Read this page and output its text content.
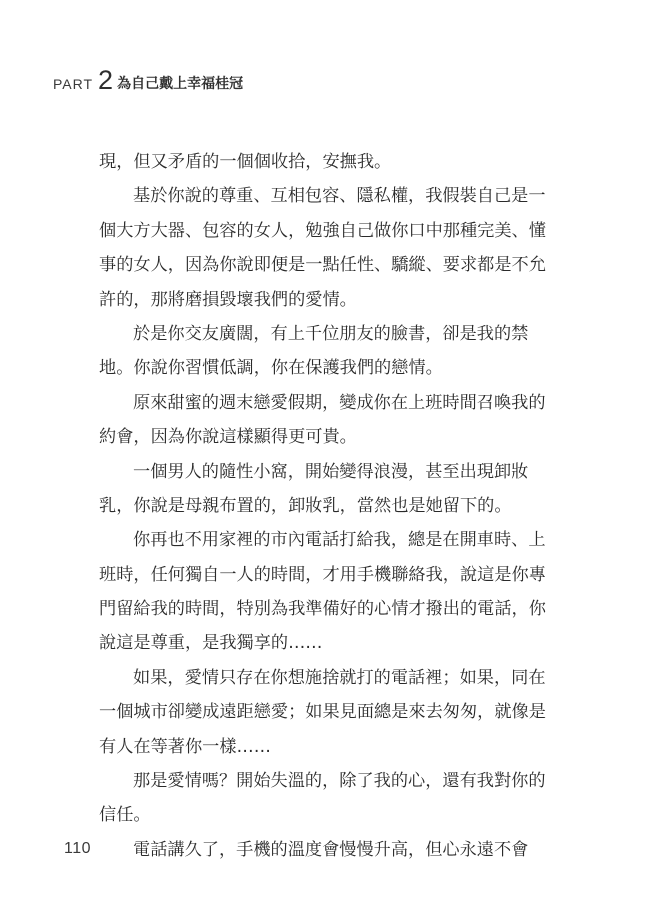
PART 2 為自己戴上幸福桂冠
現，但又矛盾的一個個收拾，安撫我。
基於你說的尊重、互相包容、隱私權，我假裝自己是一
個大方大器、包容的女人，勉強自己做你口中那種完美、懂
事的女人，因為你說即便是一點任性、驕縱、要求都是不允
許的，那將磨損毀壞我們的愛情。
於是你交友廣闊，有上千位朋友的臉書，卻是我的禁
地。你說你習慣低調，你在保護我們的戀情。
原來甜蜜的週末戀愛假期，變成你在上班時間召喚我的
約會，因為你說這樣顯得更可貴。
一個男人的隨性小窩，開始變得浪漫，甚至出現卸妝
乳，你說是母親布置的，卸妝乳，當然也是她留下的。
你再也不用家裡的市內電話打給我，總是在開車時、上
班時，任何獨自一人的時間，才用手機聯絡我，說這是你專
門留給我的時間，特別為我準備好的心情才撥出的電話，你
說這是尊重，是我獨享的……
如果，愛情只存在你想施捨就打的電話裡；如果，同在
一個城市卻變成遠距戀愛；如果見面總是來去匆匆，就像是
有人在等著你一樣……
那是愛情嗎？開始失溫的，除了我的心，還有我對你的
信任。
電話講久了，手機的溫度會慢慢升高，但心永遠不會
110
